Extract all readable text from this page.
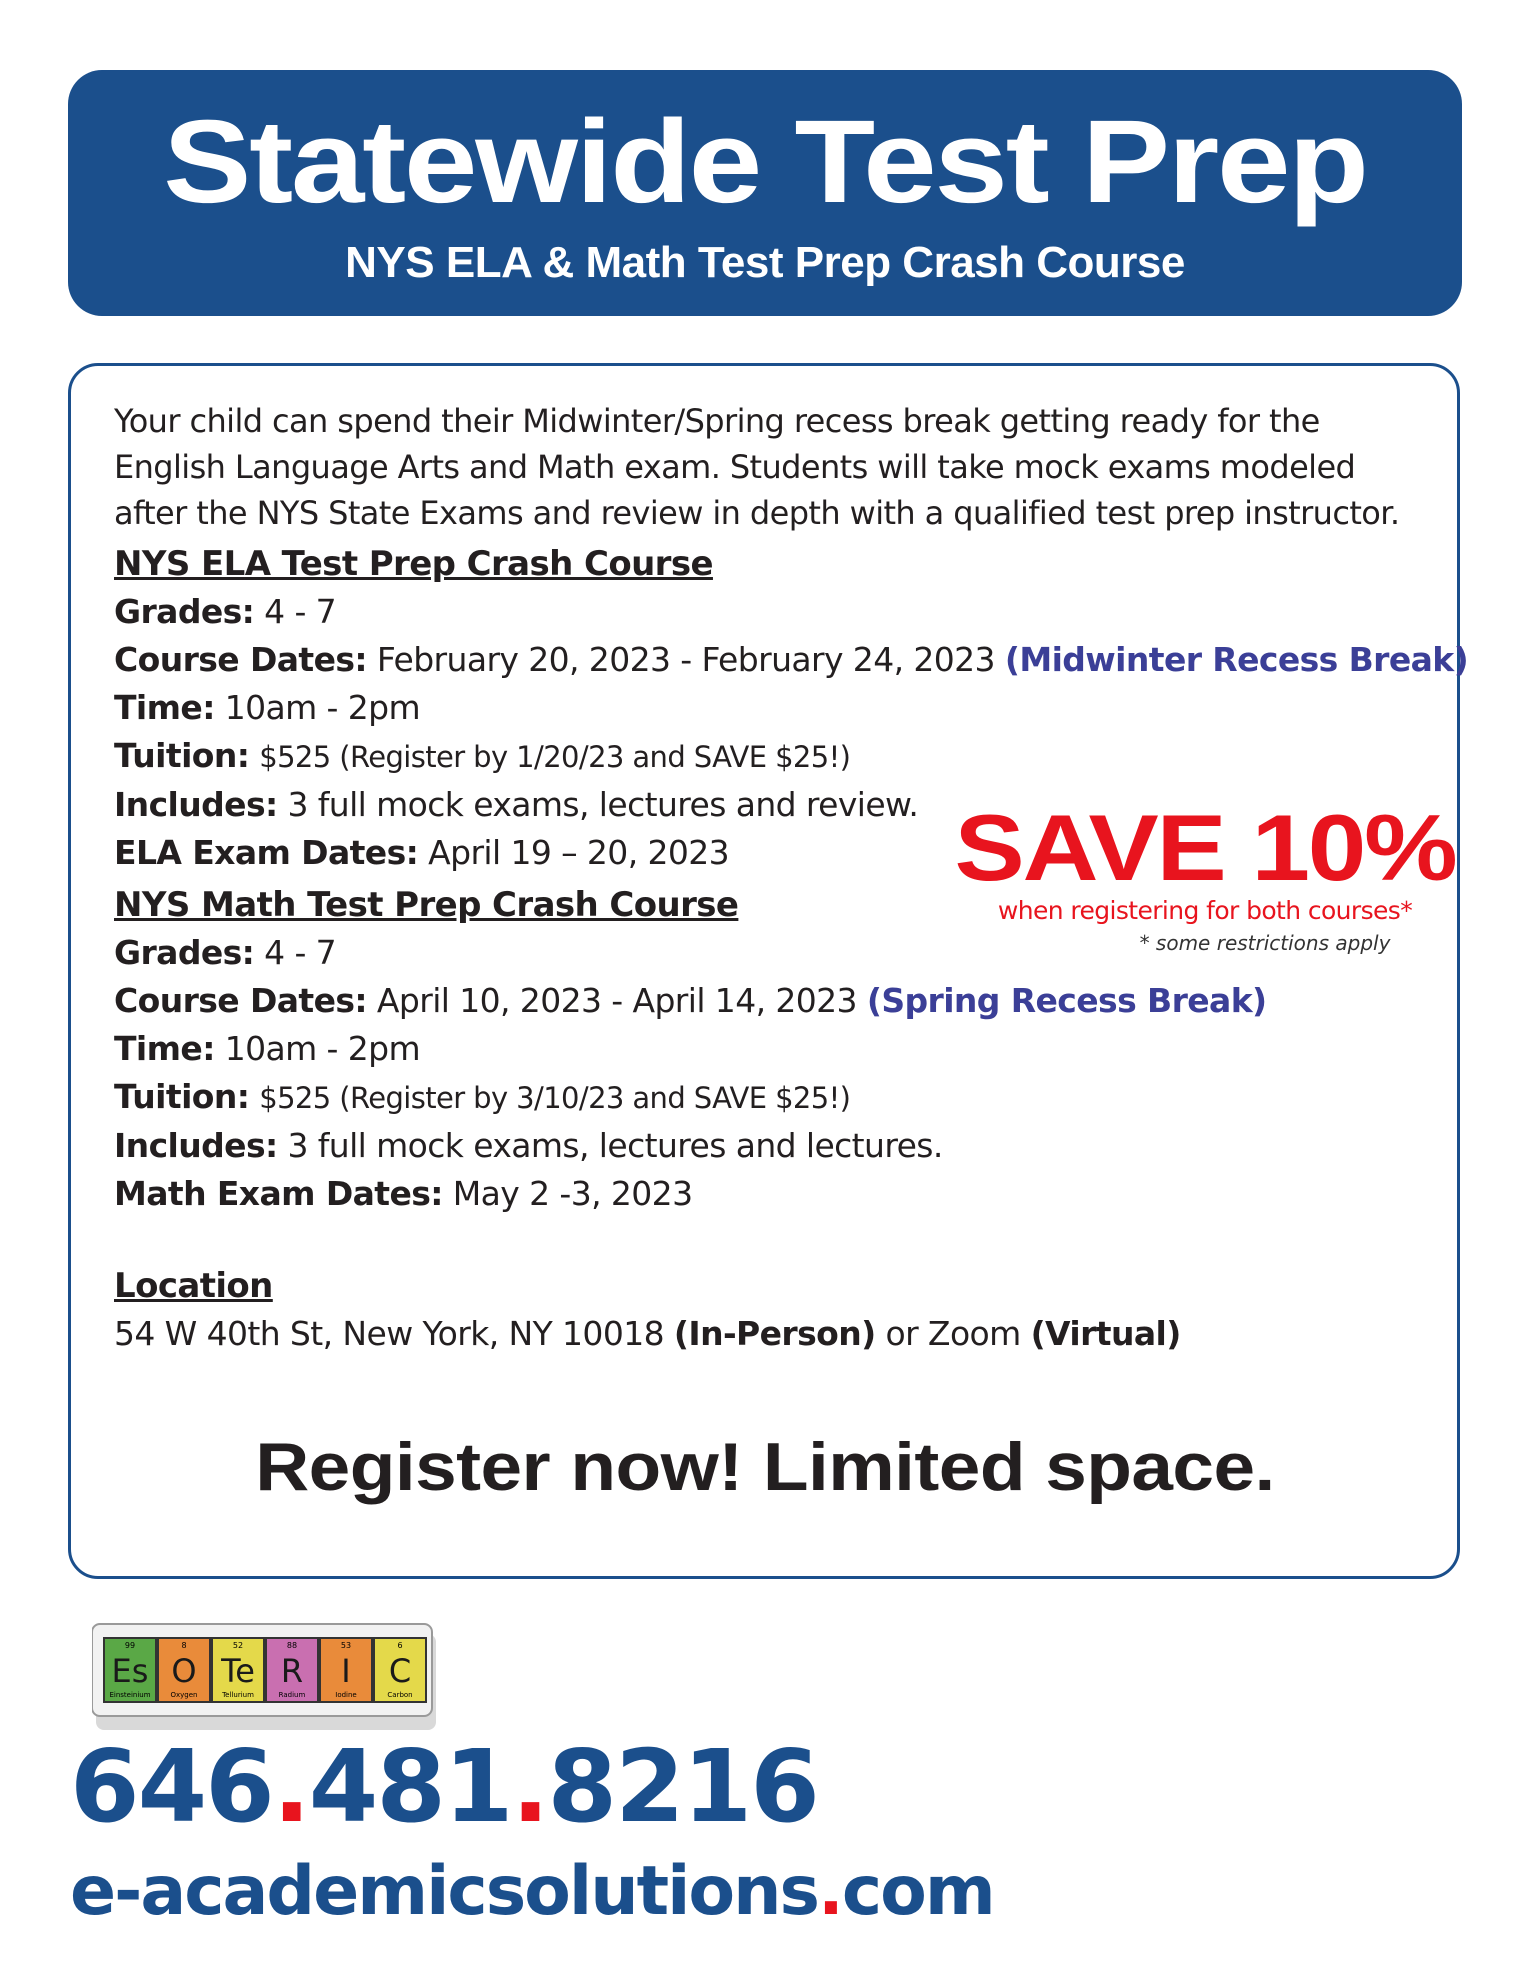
Statewide Test Prep
NYS ELA & Math Test Prep Crash Course

Your child can spend their Midwinter/Spring recess break getting ready for the
English Language Arts and Math exam. Students will take mock exams modeled
after the NYS State Exams and review in depth with a qualified test prep instructor.

NYS ELA Test Prep Crash Course

Grades: 4 - 7
Course Dates: February 20, 2023 - February 24, 2023 (Midwinter Recess Break)
Time: 10am - 2pm
Tuition: $525 (Register by 1/20/23 and SAVE $25!)
Includes: 3 full mock exams, lectures and review.
ELA Exam Dates: April 19 – 20, 2023

NYS Math Test Prep Crash Course

Grades: 4 - 7
Course Dates: April 10, 2023 - April 14, 2023 (Spring Recess Break)
Time: 10am - 2pm
Tuition: $525 (Register by 3/10/23 and SAVE $25!)
Includes: 3 full mock exams, lectures and lectures.
Math Exam Dates: May 2 -3, 2023

Location

54 W 40th St, New York, NY 10018 (In-Person) or Zoom (Virtual)
SAVE 10%
when registering for both courses*
* some restrictions apply
Register now! Limited space.
99
Es
Einsteinium
8
O
Oxygen
52
Te
Tellurium
88
R
Radium
53
I
Iodine
6
C
Carbon
646.481.8216
e-academicsolutions.com
